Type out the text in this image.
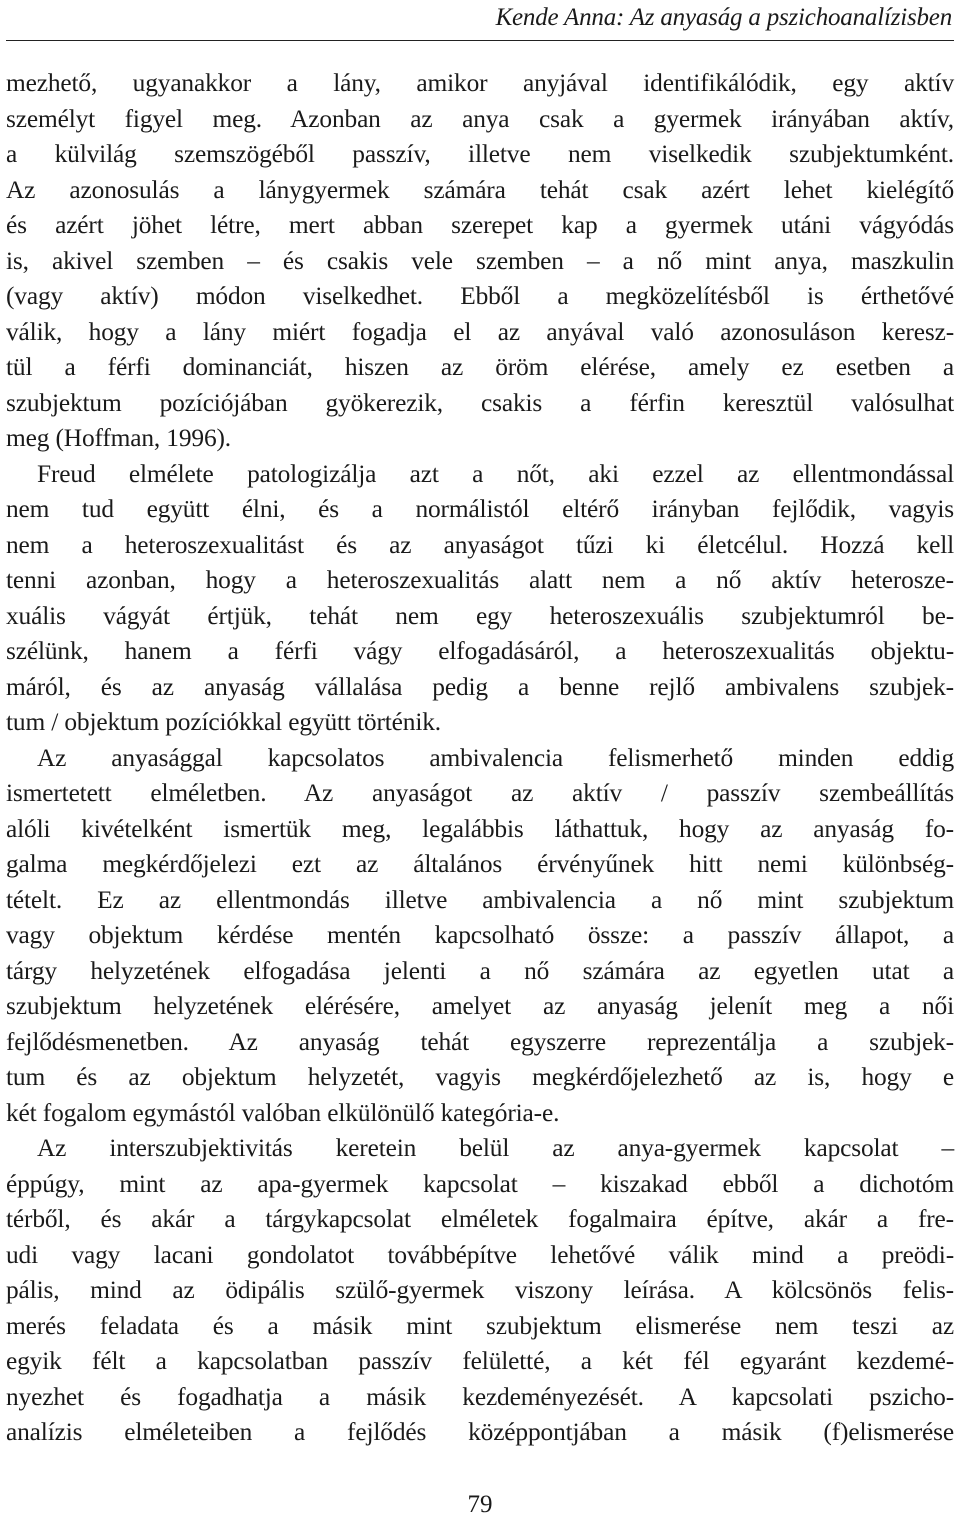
Kende Anna: Az anyaság a pszichoanalízisben
mezhető, ugyanakkor a lány, amikor anyjával identifikálódik, egy aktív
személyt figyel meg. Azonban az anya csak a gyermek irányában aktív,
a külvilág szemszögéből passzív, illetve nem viselkedik szubjektumként.
Az azonosulás a lánygyermek számára tehát csak azért lehet kielégítő
és azért jöhet létre, mert abban szerepet kap a gyermek utáni vágyódás
is, akivel szemben – és csakis vele szemben – a nő mint anya, maszkulin
(vagy aktív) módon viselkedhet. Ebből a megközelítésből is érthetővé
válik, hogy a lány miért fogadja el az anyával való azonosuláson keresz-
tül a férfi dominanciát, hiszen az öröm elérése, amely ez esetben a
szubjektum pozíciójában gyökerezik, csakis a férfin keresztül valósulhat
meg (Hoffman, 1996).
Freud elmélete patologizálja azt a nőt, aki ezzel az ellentmondással
nem tud együtt élni, és a normálistól eltérő irányban fejlődik, vagyis
nem a heteroszexualitást és az anyaságot tűzi ki életcélul. Hozzá kell
tenni azonban, hogy a heteroszexualitás alatt nem a nő aktív heterosze-
xuális vágyát értjük, tehát nem egy heteroszexuális szubjektumról be-
szélünk, hanem a férfi vágy elfogadásáról, a heteroszexualitás objektu-
máról, és az anyaság vállalása pedig a benne rejlő ambivalens szubjek-
tum / objektum pozíciókkal együtt történik.
Az anyasággal kapcsolatos ambivalencia felismerhető minden eddig
ismertetett elméletben. Az anyaságot az aktív / passzív szembeállítás
alóli kivételként ismertük meg, legalábbis láthattuk, hogy az anyaság fo-
galma megkérdőjelezi ezt az általános érvényűnek hitt nemi különbség-
tételt. Ez az ellentmondás illetve ambivalencia a nő mint szubjektum
vagy objektum kérdése mentén kapcsolható össze: a passzív állapot, a
tárgy helyzetének elfogadása jelenti a nő számára az egyetlen utat a
szubjektum helyzetének elérésére, amelyet az anyaság jelenít meg a női
fejlődésmenetben. Az anyaság tehát egyszerre reprezentálja a szubjek-
tum és az objektum helyzetét, vagyis megkérdőjelezhető az is, hogy e
két fogalom egymástól valóban elkülönülő kategória-e.
Az interszubjektivitás keretein belül az anya-gyermek kapcsolat –
éppúgy, mint az apa-gyermek kapcsolat – kiszakad ebből a dichotóm
térből, és akár a tárgykapcsolat elméletek fogalmaira építve, akár a fre-
udi vagy lacani gondolatot továbbépítve lehetővé válik mind a preödi-
pális, mind az ödipális szülő-gyermek viszony leírása. A kölcsönös felis-
merés feladata és a másik mint szubjektum elismerése nem teszi az
egyik félt a kapcsolatban passzív felületté, a két fél egyaránt kezdemé-
nyezhet és fogadhatja a másik kezdeményezését. A kapcsolati pszicho-
analízis elméleteiben a fejlődés középpontjában a másik (f)elismerése
79
